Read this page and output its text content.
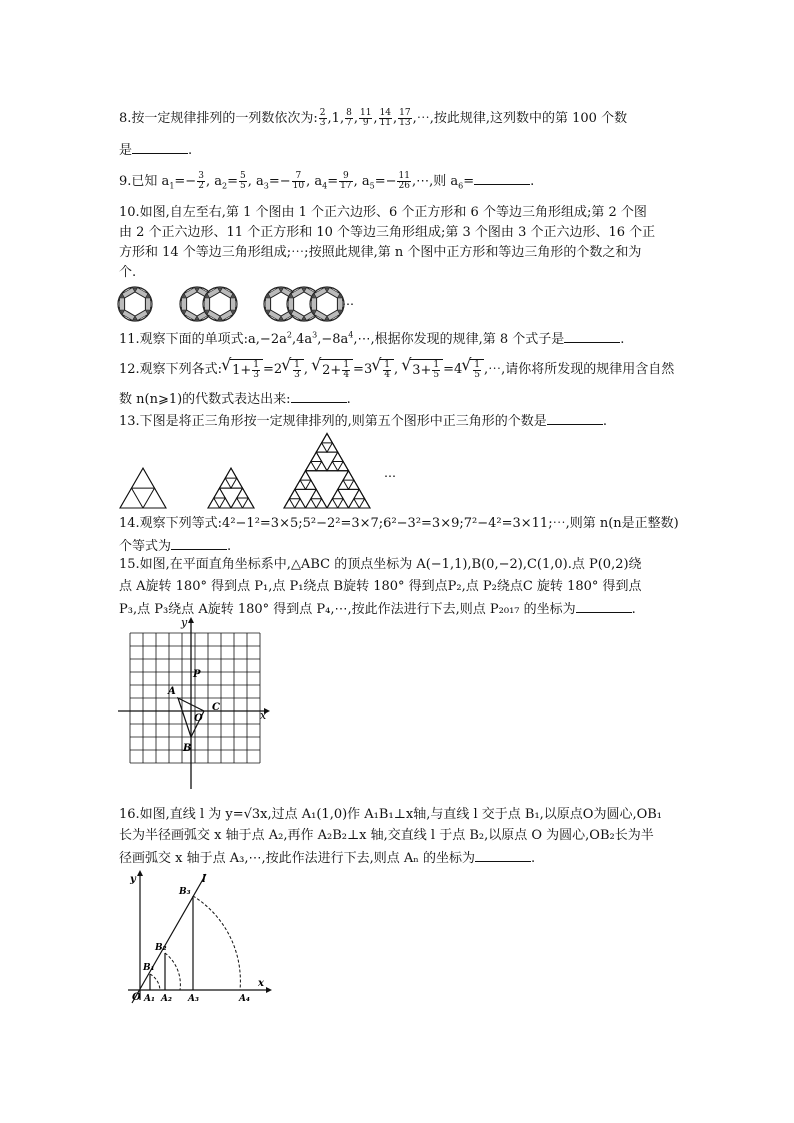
8.按一定规律排列的一列数依次为: $\frac{2}{3} ,1$, $\frac{8}{7}$ , $\frac{11}{9}$ , $\frac{14}{11}$ , $\frac{17}{13}$ ,⋯,按此规律,这列数中的第 100 个数
是	.
9.已知 $a_1=- \frac{3}{2}$ , $a_2= \frac{5}{5}$ , $a_3=- \frac{7}{10}$ , $a_4= \frac{9}{17}$ , $a_5=- \frac{11}{26}$ ,⋯,则 $a_6=$	.
10.如图,自左至右,第 1 个图由 1 个正六边形、6 个正方形和 6 个等边三角形组成;第 2 个图
由 2 个正六边形、11 个正方形和 10 个等边三角形组成;第 3 个图由 3 个正六边形、16 个正
方形和 14 个等边三角形组成;⋯;按照此规律,第 n 个图中正方形和等边三角形的个数之和为
个.
⋯
11.观察下面的单项式$:a,-2a^2,4a^3,-8a^4,\cdots$,根据你发现的规律,第 8 个式子是	.
12.观察下列各式: √ $1+ \frac{1}{3} =2$ √ $\frac{1}{3}$ , √ $2+ \frac{1}{4} =3$ √ $\frac{1}{4}$ , √ $3+ \frac{1}{5} =4$ √ $\frac{1}{5}$ ,⋯,请你将所发现的规律用含自然
数 n(n⩾1)的代数式表达出来:	.
13.下图是将正三角形按一定规律排列的,则第五个图形中正三角形的个数是	.
⋯
14.观察下列等式:4²−1²=3×5;5²−2²=3×7;6²−3²=3×9;7²−4²=3×11;⋯,则第 n(n是正整数)
个等式为	.
15.如图,在平面直角坐标系中,△ABC 的顶点坐标为 A(−1,1),B(0,−2),C(1,0).点 P(0,2)绕
点 A旋转 180° 得到点 P₁,点 P₁绕点 B旋转 180° 得到点P₂,点 P₂绕点C 旋转 180° 得到点
P₃,点 P₃绕点 A旋转 180° 得到点 P₄,⋯,按此作法进行下去,则点 P₂₀₁₇ 的坐标为	.
x
y
A
B
C
O
P
16.如图,直线 l 为 y=√3x,过点 A₁(1,0)作 A₁B₁⊥x轴,与直线 l 交于点 B₁,以原点O为圆心,OB₁
长为半径画弧交 x 轴于点 A₂,再作 A₂B₂⊥x 轴,交直线 l 于点 B₂,以原点 O 为圆心,OB₂长为半
径画弧交 x 轴于点 A₃,⋯,按此作法进行下去,则点 Aₙ 的坐标为	.
O
y
x
l
A₁ A₂ A₃	A₄
B₁
B₂
B₃
